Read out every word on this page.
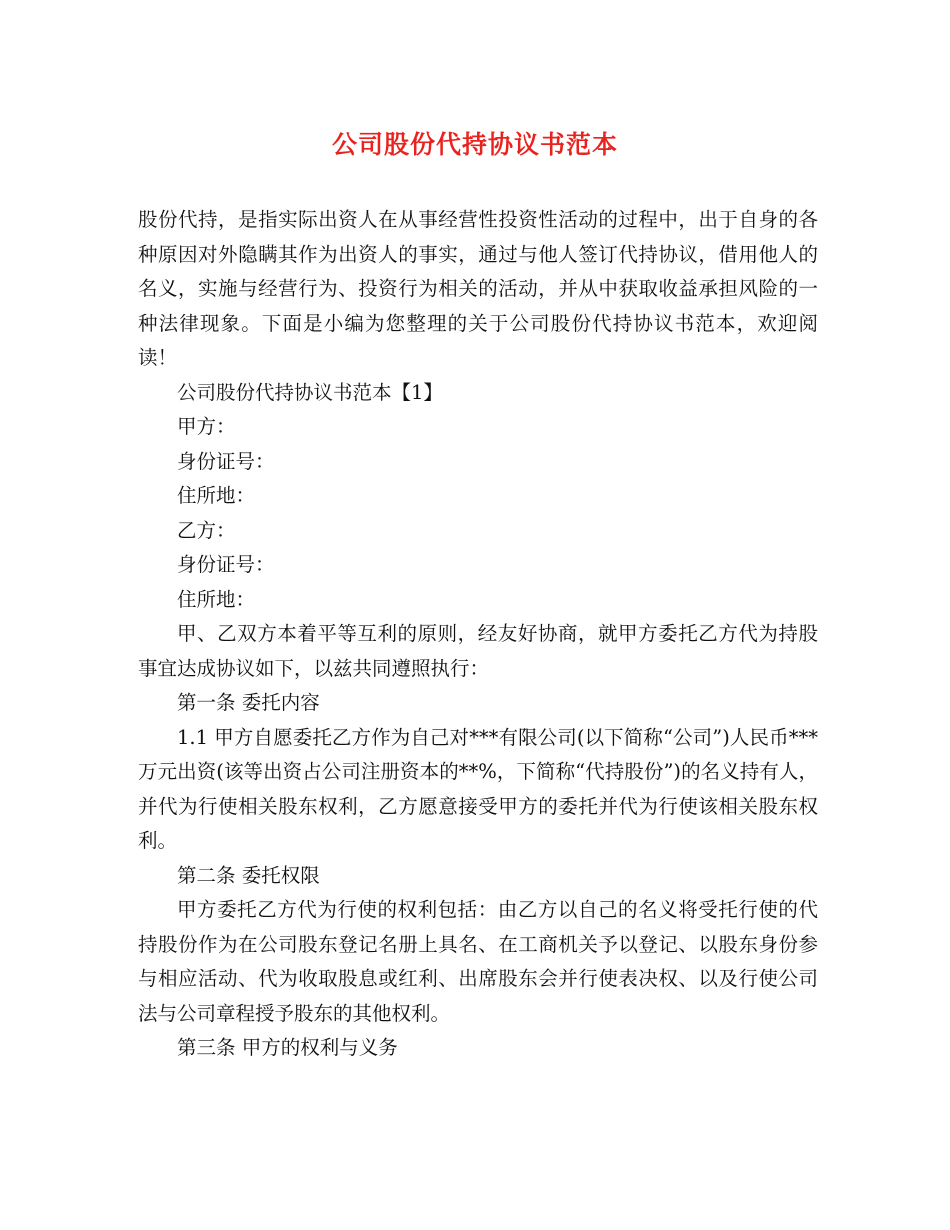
公司股份代持协议书范本

股份代持，是指实际出资人在从事经营性投资性活动的过程中，出于自身的各种原因对外隐瞒其作为出资人的事实，通过与他人签订代持协议，借用他人的名义，实施与经营行为、投资行为相关的活动，并从中获取收益承担风险的一种法律现象。下面是小编为您整理的关于公司股份代持协议书范本，欢迎阅读！

公司股份代持协议书范本【1】

甲方：

身份证号：

住所地：

乙方：

身份证号：

住所地：

甲、乙双方本着平等互利的原则，经友好协商，就甲方委托乙方代为持股事宜达成协议如下，以兹共同遵照执行：

第一条 委托内容

1.1 甲方自愿委托乙方作为自己对***有限公司(以下简称“公司”)人民币***万元出资(该等出资占公司注册资本的**%，下简称“代持股份”)的名义持有人，并代为行使相关股东权利，乙方愿意接受甲方的委托并代为行使该相关股东权利。

第二条 委托权限

甲方委托乙方代为行使的权利包括：由乙方以自己的名义将受托行使的代持股份作为在公司股东登记名册上具名、在工商机关予以登记、以股东身份参与相应活动、代为收取股息或红利、出席股东会并行使表决权、以及行使公司法与公司章程授予股东的其他权利。

第三条 甲方的权利与义务
